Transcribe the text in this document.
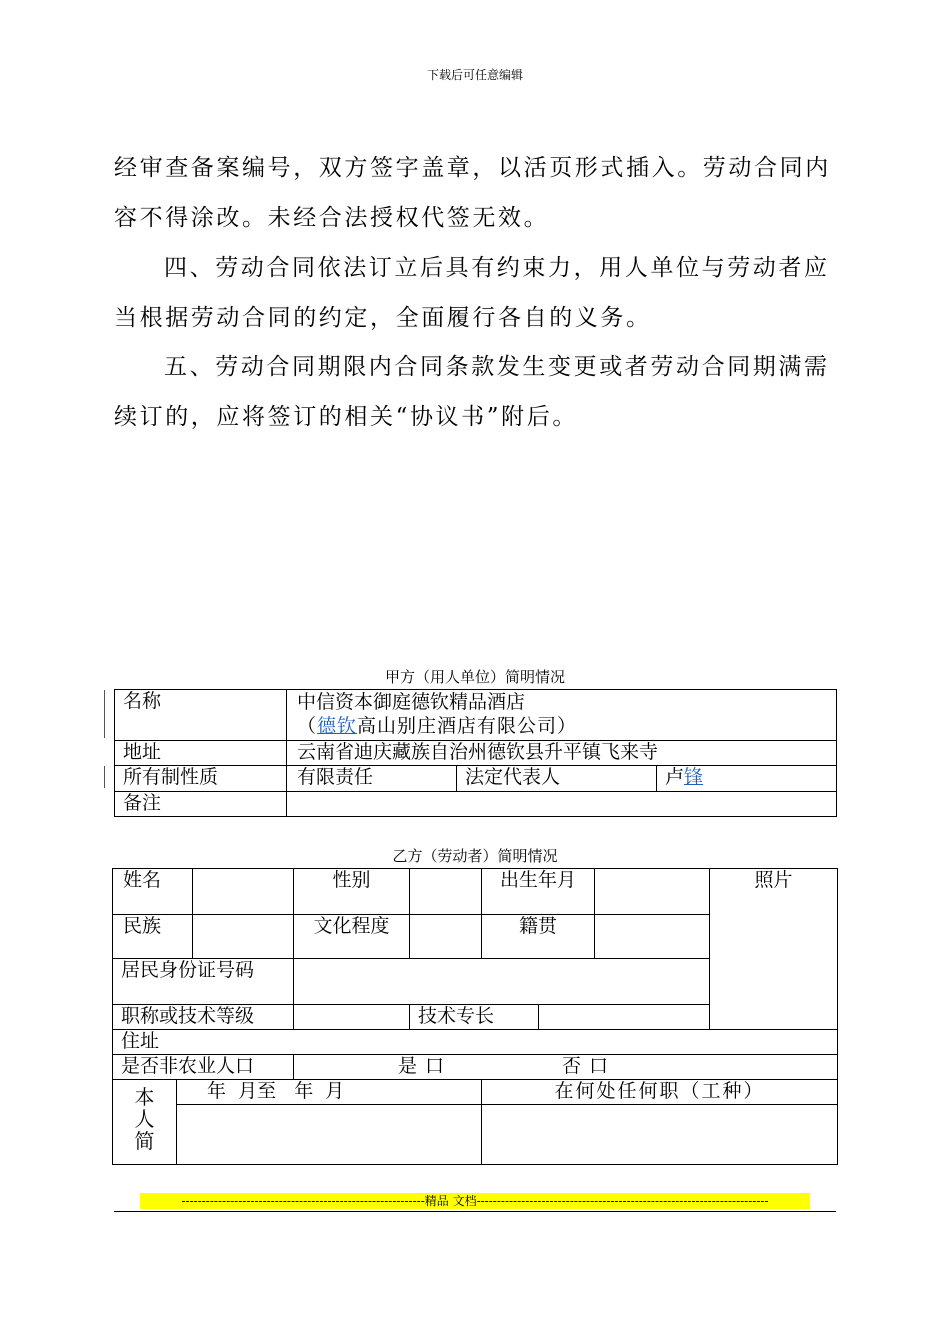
下载后可任意编辑
经审查备案编号，双方签字盖章，以活页形式插入。劳动合同内容不得涂改。未经合法授权代签无效。
四、劳动合同依法订立后具有约束力，用人单位与劳动者应当根据劳动合同的约定，全面履行各自的义务。
五、劳动合同期限内合同条款发生变更或者劳动合同期满需续订的，应将签订的相关“协议书”附后。
甲方（用人单位）简明情况
名称	中信资本御庭德钦精品酒店
（德钦高山别庄酒店有限公司）		

地址	云南省迪庆藏族自治州德钦县升平镇飞来寺		
所有制性质	有限责任	法定代表人	卢锋
备注			
乙方（劳动者）简明情况
姓名		性别		出生年月			照片

民族		文化程度		籍贯			
居民身份证号码							
职称或技术等级			技术专长				
住址							
是否非农业人口		是口 否口					

本
人
简	年  月至   年  月			在何处任何职（工种）			

------------------------------------------------------------精品 文档------------------------------------------------------------------------
